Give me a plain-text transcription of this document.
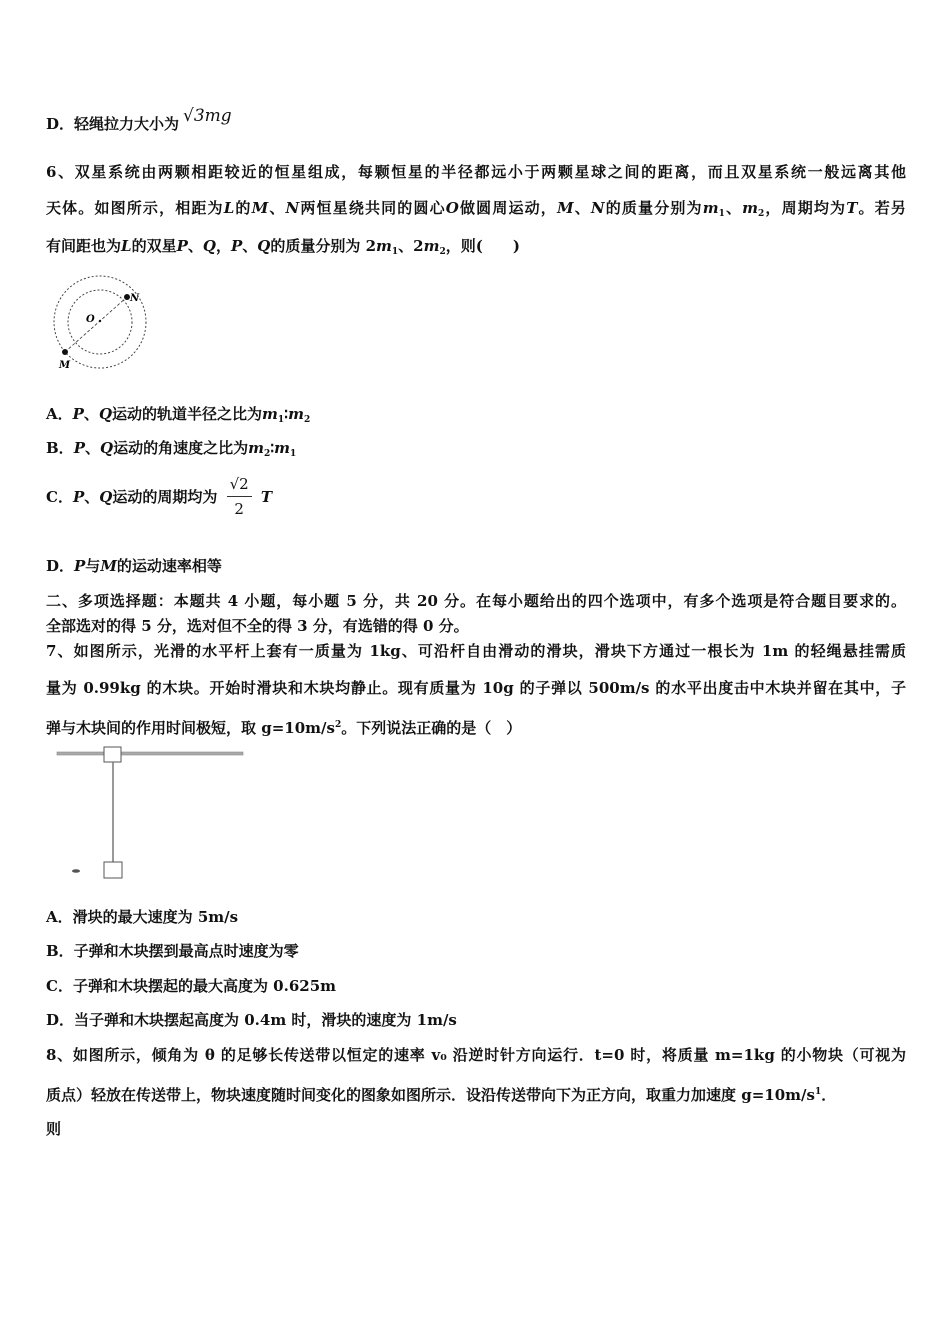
D．轻绳拉力大小为 √3mg
6、双星系统由两颗相距较近的恒星组成，每颗恒星的半径都远小于两颗星球之间的距离，而且双星系统一般远离其他
天体。如图所示，相距为L的M、N两恒星绕共同的圆心O做圆周运动，M、N的质量分别为$m_1$、$m_2$，周期均为T。若另
有间距也为L的双星P、Q，P、Q的质量分别为 $2m_1$、$2m_2$，则(　　)
N
O
M
A．P、Q运动的轨道半径之比为$m_1∶m_2$
B．P、Q运动的角速度之比为$m_2∶m_1$
C．P、Q运动的周期均为 $\frac{√2}{2}$ T
D．P与M的运动速率相等
二、多项选择题：本题共 4 小题，每小题 5 分，共 20 分。在每小题给出的四个选项中，有多个选项是符合题目要求的。
全部选对的得 5 分，选对但不全的得 3 分，有选错的得 0 分。
7、如图所示，光滑的水平杆上套有一质量为 1kg、可沿杆自由滑动的滑块，滑块下方通过一根长为 1m 的轻绳悬挂需质
量为 0.99kg 的木块。开始时滑块和木块均静止。现有质量为 10g 的子弹以 500m/s 的水平出度击中木块并留在其中，子
弹与木块间的作用时间极短，取 $g=10m/s^2$。下列说法正确的是（　）
A．滑块的最大速度为 5m/s
B．子弹和木块摆到最高点时速度为零
C．子弹和木块摆起的最大高度为 0.625m
D．当子弹和木块摆起高度为 0.4m 时，滑块的速度为 1m/s
8、如图所示，倾角为 θ 的足够长传送带以恒定的速率 v₀ 沿逆时针方向运行．t=0 时，将质量 m=1kg 的小物块（可视为
质点）轻放在传送带上，物块速度随时间变化的图象如图所示．设沿传送带向下为正方向，取重力加速度 $g=10m/s^1$．
则
